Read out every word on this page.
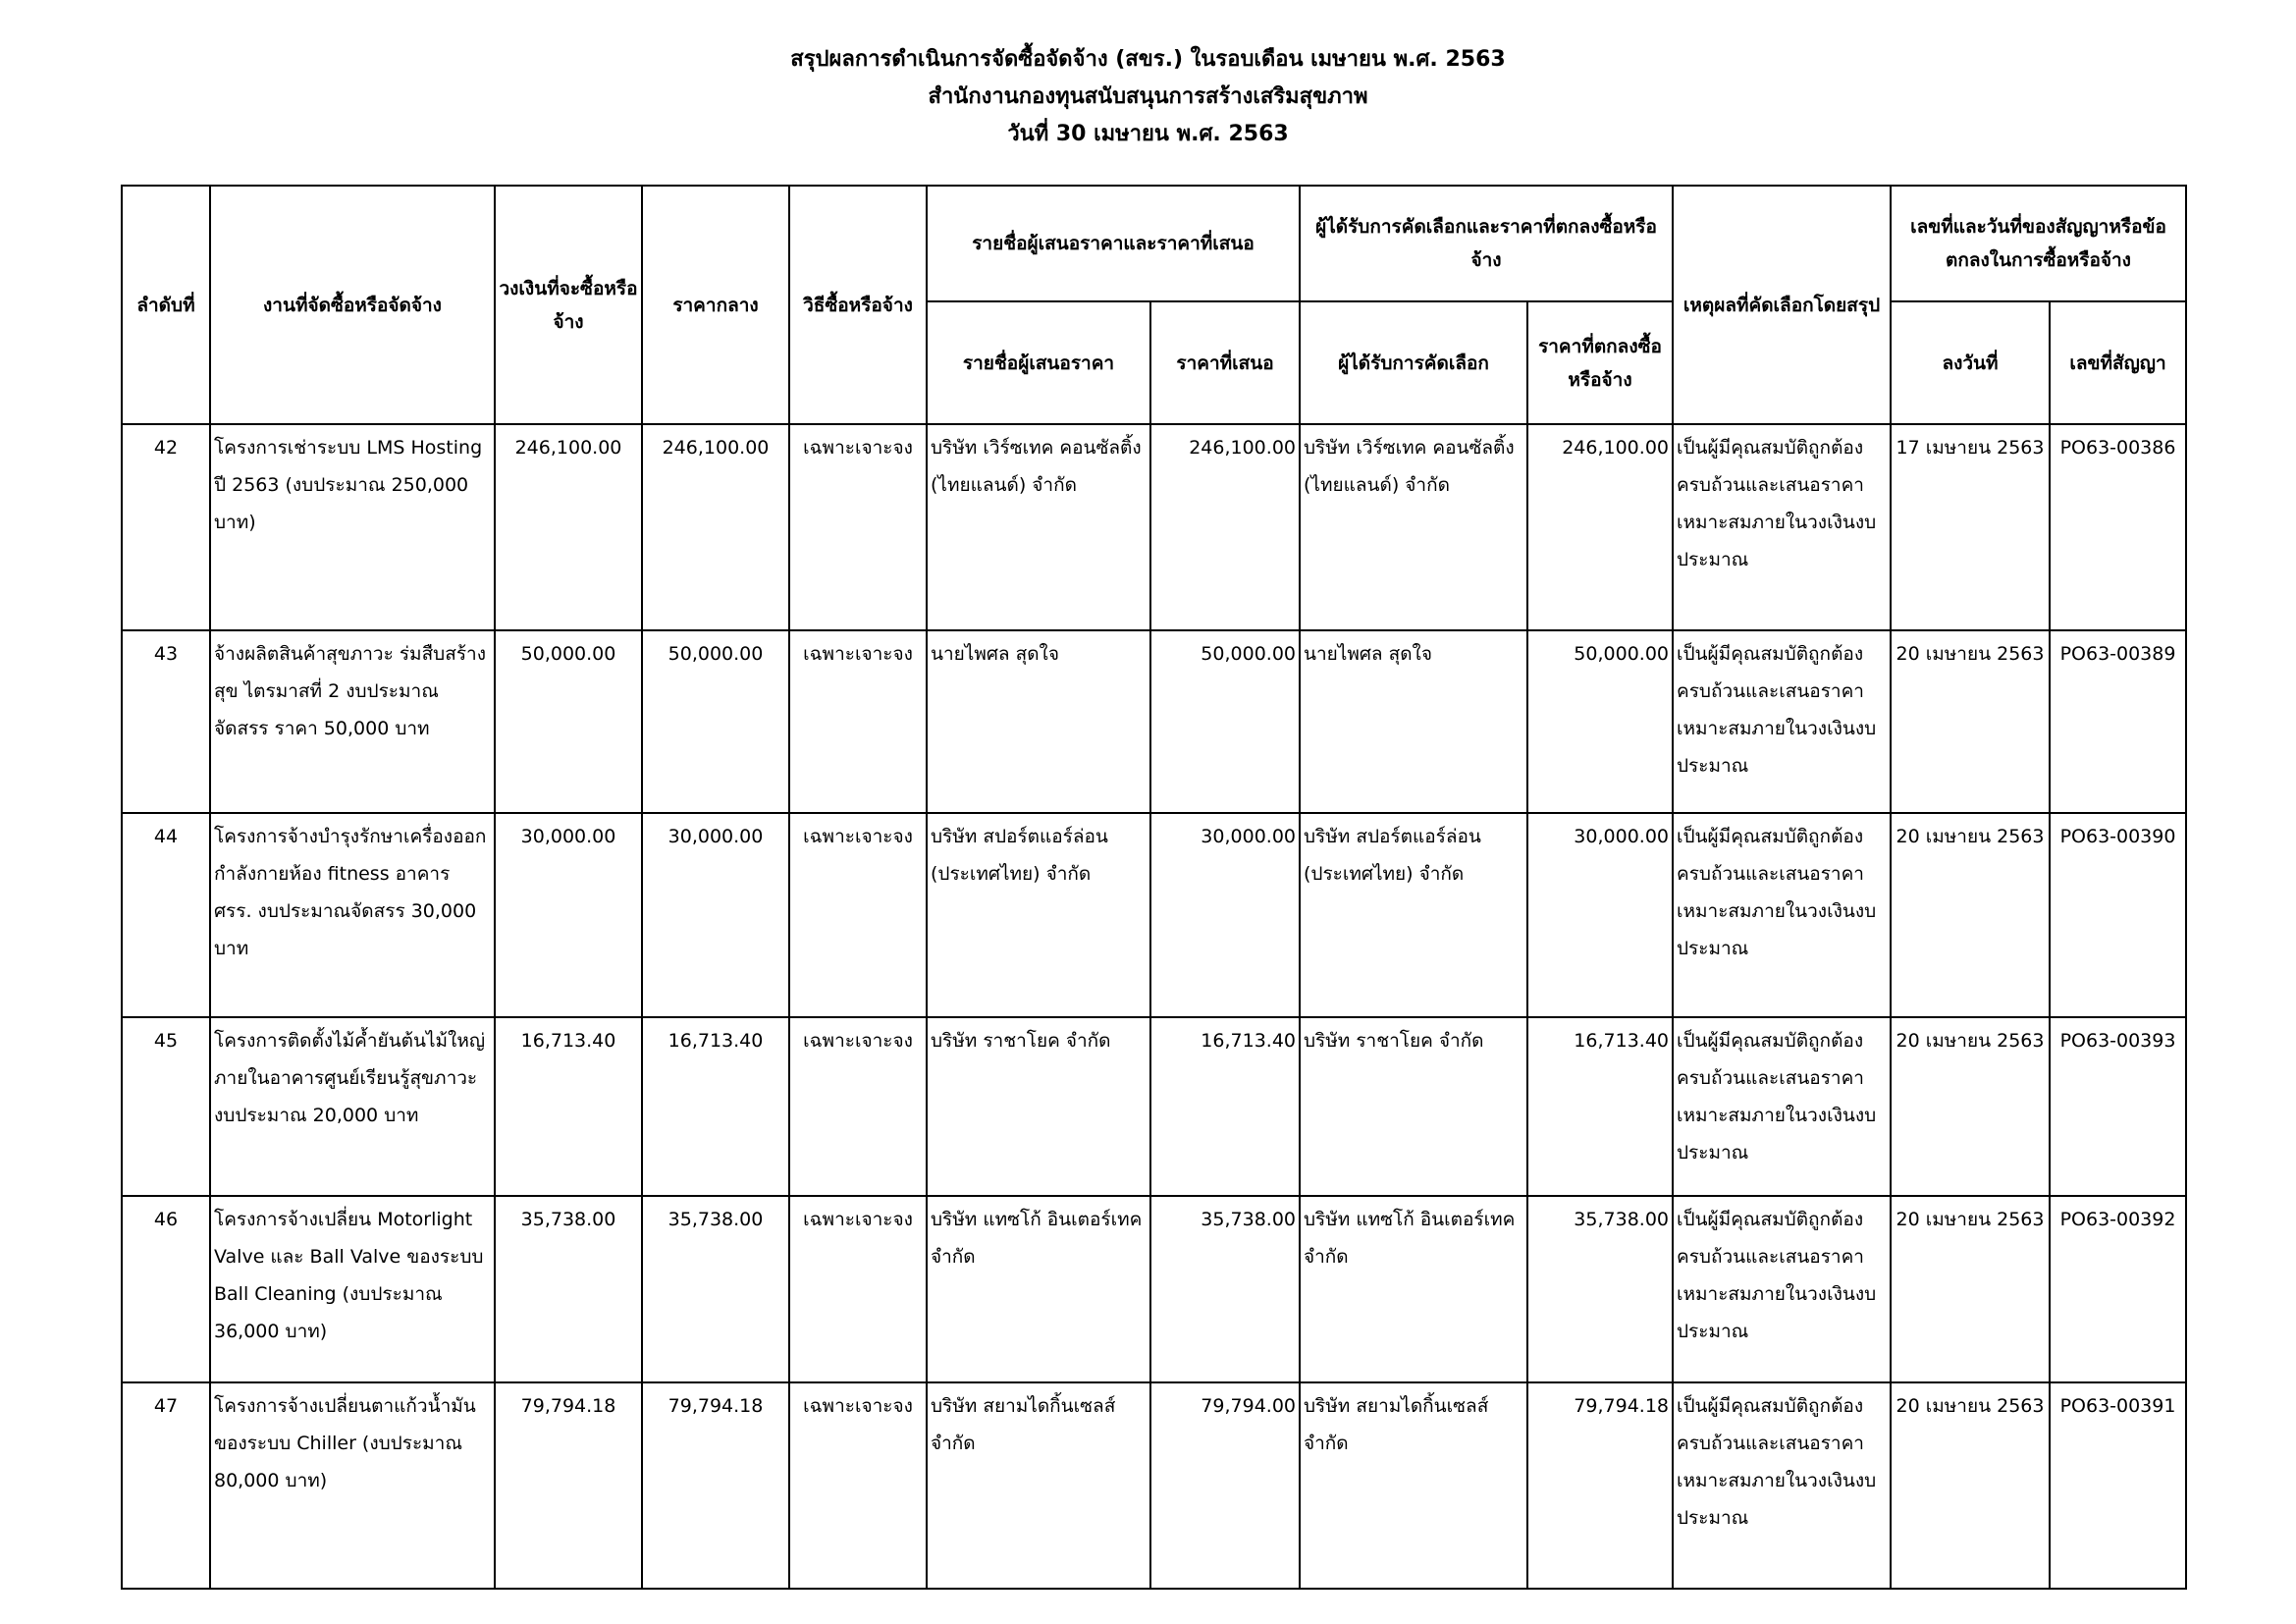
สรุปผลการดำเนินการจัดซื้อจัดจ้าง (สขร.) ในรอบเดือน เมษายน พ.ศ. 2563
สำนักงานกองทุนสนับสนุนการสร้างเสริมสุขภาพ
วันที่ 30 เมษายน พ.ศ. 2563
ลำดับที่	งานที่จัดซื้อหรือจัดจ้าง	วงเงินที่จะซื้อหรือจ้าง	ราคากลาง	วิธีซื้อหรือจ้าง	รายชื่อผู้เสนอราคาและราคาที่เสนอ		ผู้ได้รับการคัดเลือกและราคาที่ตกลงซื้อหรือจ้าง		เหตุผลที่คัดเลือกโดยสรุป	เลขที่และวันที่ของสัญญาหรือข้อตกลงในการซื้อหรือจ้าง	
					รายชื่อผู้เสนอราคา	ราคาที่เสนอ	ผู้ได้รับการคัดเลือก	ราคาที่ตกลงซื้อหรือจ้าง		ลงวันที่	เลขที่สัญญา
42	โครงการเช่าระบบ LMS Hosting ปี 2563 (งบประมาณ 250,000 บาท)	246,100.00	246,100.00	เฉพาะเจาะจง	บริษัท เวิร์ซเทค คอนซัลติ้ง (ไทยแลนด์) จำกัด	246,100.00	บริษัท เวิร์ซเทค คอนซัลติ้ง (ไทยแลนด์) จำกัด	246,100.00	เป็นผู้มีคุณสมบัติถูกต้อง ครบถ้วนและเสนอราคาเหมาะสมภายในวงเงินงบประมาณ	17 เมษายน 2563	PO63-00386
43	จ้างผลิตสินค้าสุขภาวะ ร่มสืบสร้างสุข ไตรมาสที่ 2 งบประมาณจัดสรร ราคา 50,000 บาท	50,000.00	50,000.00	เฉพาะเจาะจง	นายไพศล สุดใจ	50,000.00	นายไพศล สุดใจ	50,000.00	เป็นผู้มีคุณสมบัติถูกต้อง ครบถ้วนและเสนอราคาเหมาะสมภายในวงเงินงบประมาณ	20 เมษายน 2563	PO63-00389
44	โครงการจ้างบำรุงรักษาเครื่องออกกำลังกายห้อง fitness อาคาร ศรร. งบประมาณจัดสรร 30,000 บาท	30,000.00	30,000.00	เฉพาะเจาะจง	บริษัท สปอร์ตแอร์ล่อน (ประเทศไทย) จำกัด	30,000.00	บริษัท สปอร์ตแอร์ล่อน (ประเทศไทย) จำกัด	30,000.00	เป็นผู้มีคุณสมบัติถูกต้อง ครบถ้วนและเสนอราคาเหมาะสมภายในวงเงินงบประมาณ	20 เมษายน 2563	PO63-00390
45	โครงการติดตั้งไม้ค้ำยันต้นไม้ใหญ่ภายในอาคารศูนย์เรียนรู้สุขภาวะ งบประมาณ 20,000 บาท	16,713.40	16,713.40	เฉพาะเจาะจง	บริษัท ราชาโยค จำกัด	16,713.40	บริษัท ราชาโยค จำกัด	16,713.40	เป็นผู้มีคุณสมบัติถูกต้อง ครบถ้วนและเสนอราคาเหมาะสมภายในวงเงินงบประมาณ	20 เมษายน 2563	PO63-00393
46	โครงการจ้างเปลี่ยน Motorlight Valve และ Ball Valve ของระบบ Ball Cleaning (งบประมาณ 36,000 บาท)	35,738.00	35,738.00	เฉพาะเจาะจง	บริษัท แทซโก้ อินเตอร์เทค จำกัด	35,738.00	บริษัท แทซโก้ อินเตอร์เทค จำกัด	35,738.00	เป็นผู้มีคุณสมบัติถูกต้อง ครบถ้วนและเสนอราคาเหมาะสมภายในวงเงินงบประมาณ	20 เมษายน 2563	PO63-00392
47	โครงการจ้างเปลี่ยนตาแก้วน้ำมันของระบบ Chiller (งบประมาณ 80,000 บาท)	79,794.18	79,794.18	เฉพาะเจาะจง	บริษัท สยามไดกิ้นเซลส์ จำกัด	79,794.00	บริษัท สยามไดกิ้นเซลส์ จำกัด	79,794.18	เป็นผู้มีคุณสมบัติถูกต้อง ครบถ้วนและเสนอราคาเหมาะสมภายในวงเงินงบประมาณ	20 เมษายน 2563	PO63-00391
